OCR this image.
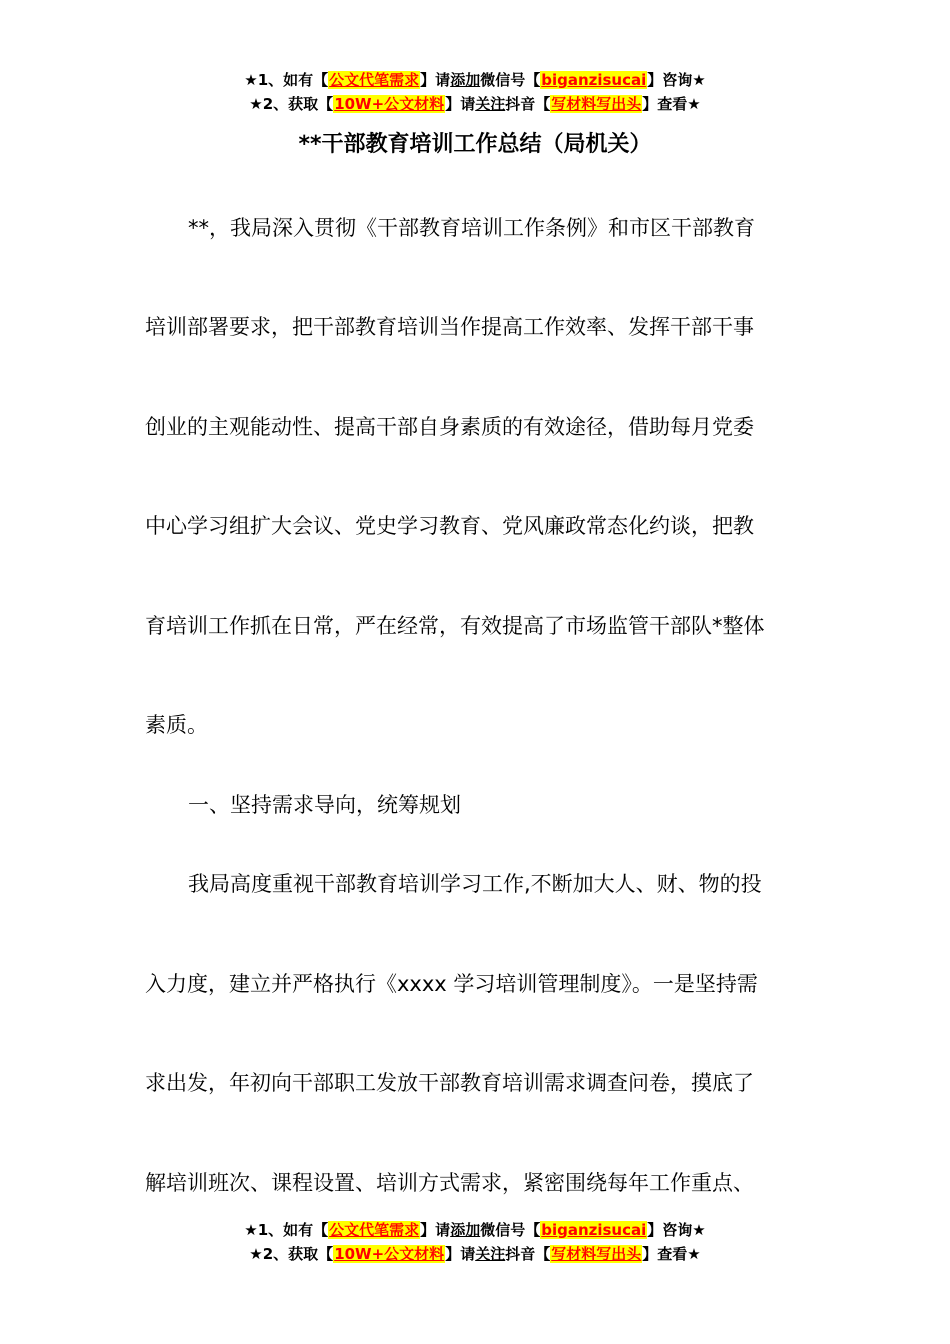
★1、如有【公文代笔需求】请添加微信号【biganzisucai】咨询★
★2、获取【10W+公文材料】请关注抖音【写材料写出头】查看★
**干部教育培训工作总结（局机关）
**，我局深入贯彻《干部教育培训工作条例》和市区干部教育
培训部署要求，把干部教育培训当作提高工作效率、发挥干部干事
创业的主观能动性、提高干部自身素质的有效途径，借助每月党委
中心学习组扩大会议、党史学习教育、党风廉政常态化约谈，把教
育培训工作抓在日常，严在经常，有效提高了市场监管干部队*整体
素质。
一、坚持需求导向，统筹规划
我局高度重视干部教育培训学习工作,不断加大人、财、物的投
入力度，建立并严格执行《xxxx 学习培训管理制度》。一是坚持需
求出发，年初向干部职工发放干部教育培训需求调查问卷，摸底了
解培训班次、课程设置、培训方式需求，紧密围绕每年工作重点、
★1、如有【公文代笔需求】请添加微信号【biganzisucai】咨询★
★2、获取【10W+公文材料】请关注抖音【写材料写出头】查看★
